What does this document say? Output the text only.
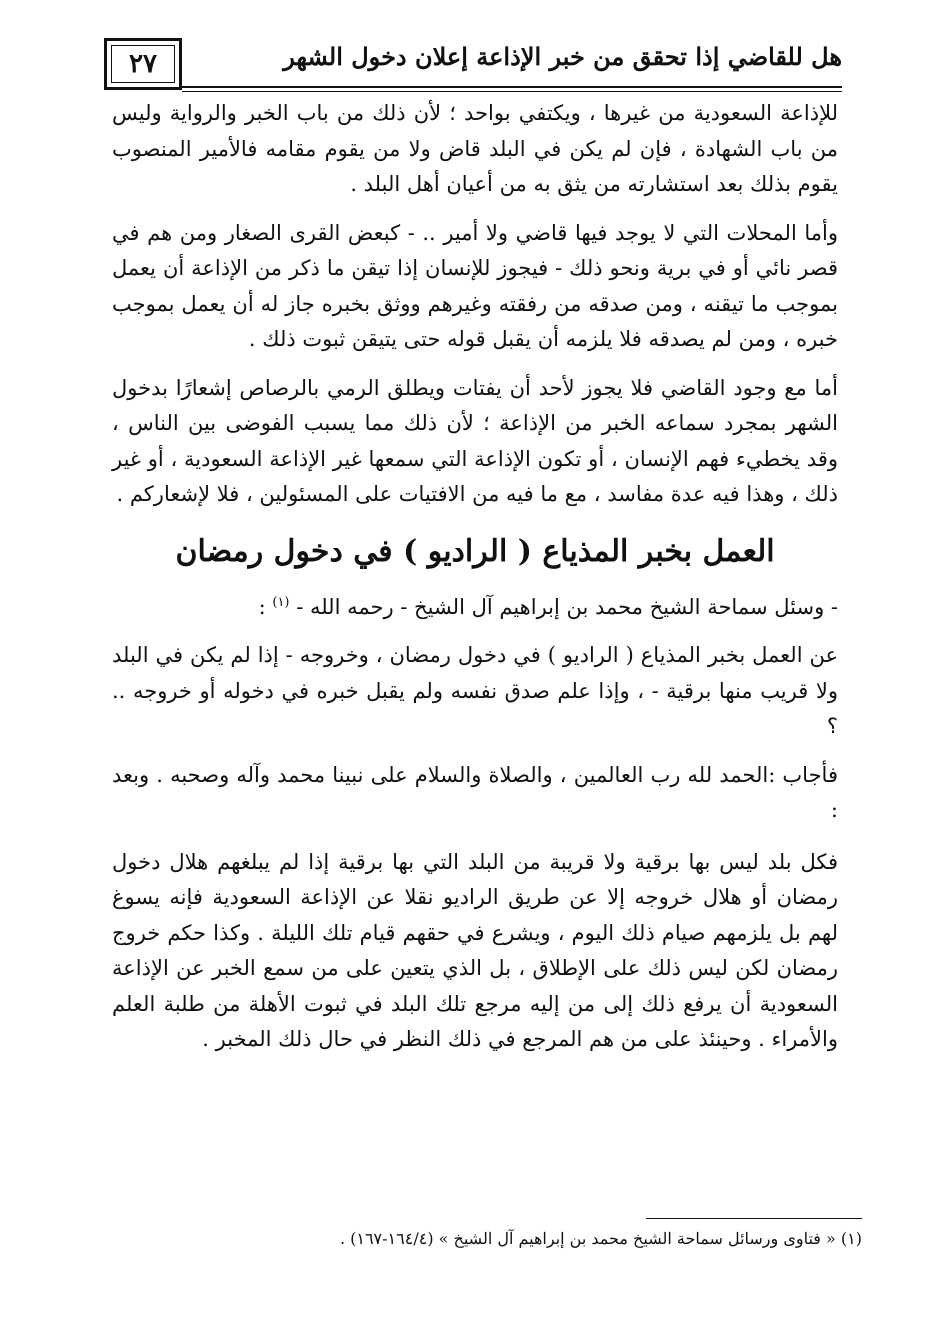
٢٧	هل للقاضي إذا تحقق من خبر الإذاعة إعلان دخول الشهر

للإذاعة السعودية من غيرها ، ويكتفي بواحد ؛ لأن ذلك من باب الخبر والرواية وليس من باب الشهادة ، فإن لم يكن في البلد قاض ولا من يقوم مقامه فالأمير المنصوب يقوم بذلك بعد استشارته من يثق به من أعيان أهل البلد .

وأما المحلات التي لا يوجد فيها قاضي ولا أمير .. - كبعض القرى الصغار ومن هم في قصر نائي أو في برية ونحو ذلك - فيجوز للإنسان إذا تيقن ما ذكر من الإذاعة أن يعمل بموجب ما تيقنه ، ومن صدقه من رفقته وغيرهم ووثق بخبره جاز له أن يعمل بموجب خبره ، ومن لم يصدقه فلا يلزمه أن يقبل قوله حتى يتيقن ثبوت ذلك .

أما مع وجود القاضي فلا يجوز لأحد أن يفتات ويطلق الرمي بالرصاص إشعارًا بدخول الشهر بمجرد سماعه الخبر من الإذاعة ؛ لأن ذلك مما يسبب الفوضى بين الناس ، وقد يخطيء فهم الإنسان ، أو تكون الإذاعة التي سمعها غير الإذاعة السعودية ، أو غير ذلك ، وهذا فيه عدة مفاسد ، مع ما فيه من الافتيات على المسئولين ، فلا لإشعاركم .

العمل بخبر المذياع ( الراديو ) في دخول رمضان

- وسئل سماحة الشيخ محمد بن إبراهيم آل الشيخ - رحمه الله - $^{(١)}$ :

عن العمل بخبر المذياع ( الراديو ) في دخول رمضان ، وخروجه - إذا لم يكن في البلد ولا قريب منها برقية - ، وإذا علم صدق نفسه ولم يقبل خبره في دخوله أو خروجه .. ؟

فأجاب :الحمد لله رب العالمين ، والصلاة والسلام على نبينا محمد وآله وصحبه . وبعد :

فكل بلد ليس بها برقية ولا قريبة من البلد التي بها برقية إذا لم يبلغهم هلال دخول رمضان أو هلال خروجه إلا عن طريق الراديو نقلا عن الإذاعة السعودية فإنه يسوغ لهم بل يلزمهم صيام ذلك اليوم ، ويشرع في حقهم قيام تلك الليلة . وكذا حكم خروج رمضان لكن ليس ذلك على الإطلاق ، بل الذي يتعين على من سمع الخبر عن الإذاعة السعودية أن يرفع ذلك إلى من إليه مرجع تلك البلد في ثبوت الأهلة من طلبة العلم والأمراء . وحينئذ على من هم المرجع في ذلك النظر في حال ذلك المخبر .

(١) « فتاوى ورسائل سماحة الشيخ محمد بن إبراهيم آل الشيخ » (١٦٤/٤-١٦٧) .
